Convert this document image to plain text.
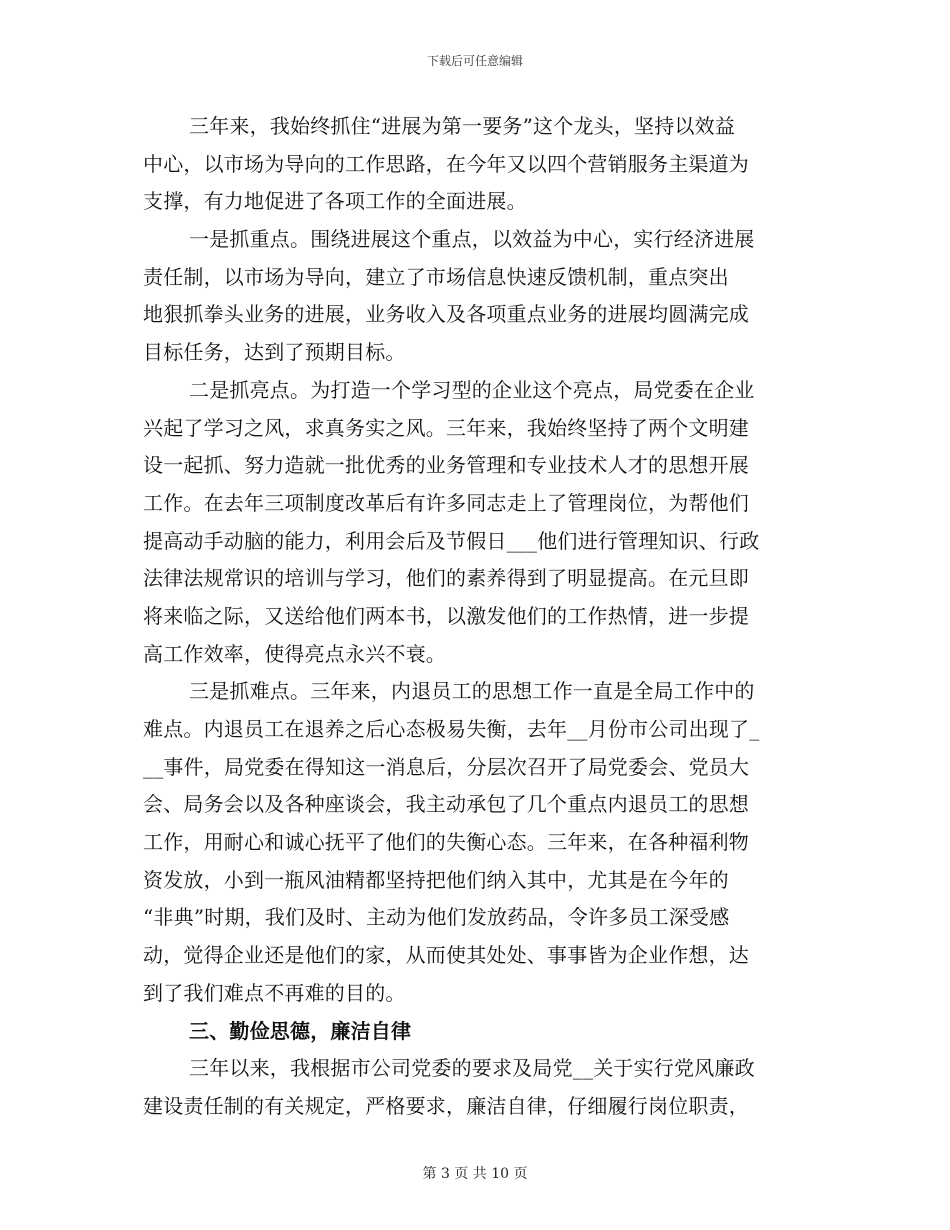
下载后可任意编辑
三年来，我始终抓住“进展为第一要务”这个龙头，坚持以效益
中心，以市场为导向的工作思路，在今年又以四个营销服务主渠道为
支撑，有力地促进了各项工作的全面进展。
一是抓重点。围绕进展这个重点，以效益为中心，实行经济进展
责任制，以市场为导向，建立了市场信息快速反馈机制，重点突出
地狠抓拳头业务的进展，业务收入及各项重点业务的进展均圆满完成
目标任务，达到了预期目标。
二是抓亮点。为打造一个学习型的企业这个亮点，局党委在企业
兴起了学习之风，求真务实之风。三年来，我始终坚持了两个文明建
设一起抓、努力造就一批优秀的业务管理和专业技术人才的思想开展
工作。在去年三项制度改革后有许多同志走上了管理岗位，为帮他们
提高动手动脑的能力，利用会后及节假日___他们进行管理知识、行政
法律法规常识的培训与学习，他们的素养得到了明显提高。在元旦即
将来临之际，又送给他们两本书，以激发他们的工作热情，进一步提
高工作效率，使得亮点永兴不衰。
三是抓难点。三年来，内退员工的思想工作一直是全局工作中的
难点。内退员工在退养之后心态极易失衡，去年__月份市公司出现了_
__事件，局党委在得知这一消息后，分层次召开了局党委会、党员大
会、局务会以及各种座谈会，我主动承包了几个重点内退员工的思想
工作，用耐心和诚心抚平了他们的失衡心态。三年来，在各种福利物
资发放，小到一瓶风油精都坚持把他们纳入其中，尤其是在今年的
“非典”时期，我们及时、主动为他们发放药品，令许多员工深受感
动，觉得企业还是他们的家，从而使其处处、事事皆为企业作想，达
到了我们难点不再难的目的。
三、勤俭思德，廉洁自律
三年以来，我根据市公司党委的要求及局党__关于实行党风廉政
建设责任制的有关规定，严格要求，廉洁自律，仔细履行岗位职责，
第 3 页 共 10 页
